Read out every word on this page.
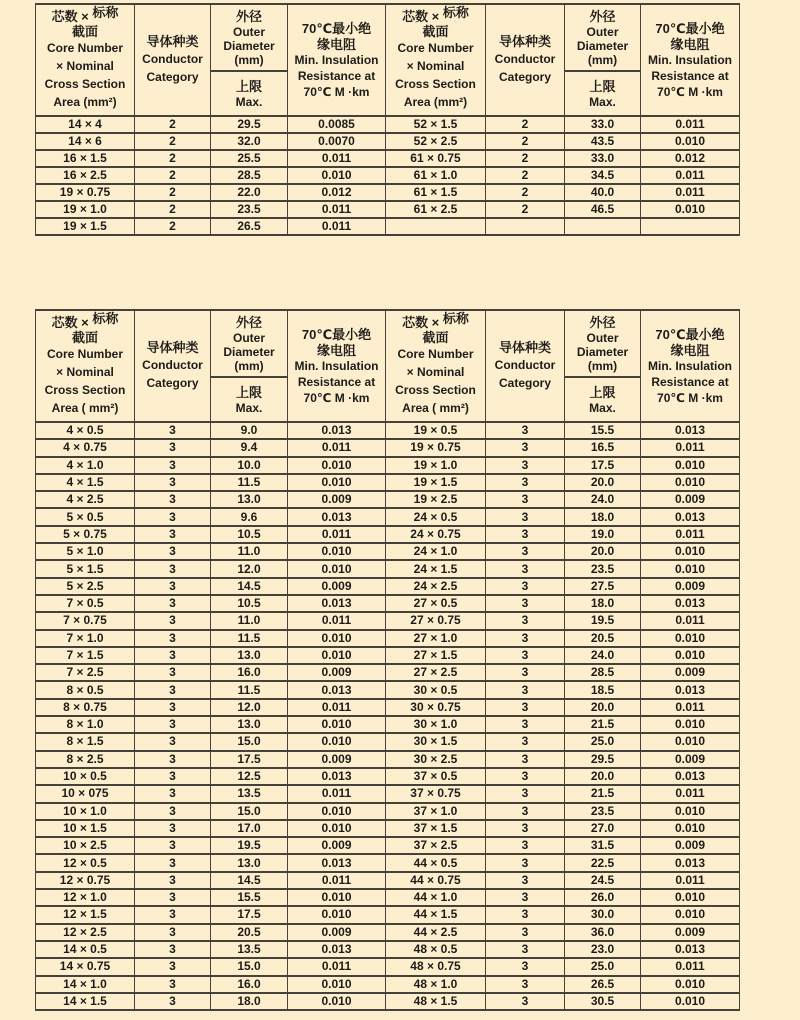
芯数 × 标称
截面
Core Number
× Nominal
Cross Section
Area (mm²)

导体种类
Conductor
Category

外径
Outer
Diameter
(mm)
上限
Max.

70℃最小绝
缘电阻
Min. Insulation
Resistance at
70℃ M ·km

芯数 × 标称
截面
Core Number
× Nominal
Cross Section
Area (mm²)

导体种类
Conductor
Category

外径
Outer
Diameter
(mm)
上限
Max.

70℃最小绝
缘电阻
Min. Insulation
Resistance at
70℃ M ·km

14 × 4	2	29.5	0.0085	52 × 1.5	2	33.0	0.011
14 × 6	2	32.0	0.0070	52 × 2.5	2	43.5	0.010
16 × 1.5	2	25.5	0.011	61 × 0.75	2	33.0	0.012
16 × 2.5	2	28.5	0.010	61 × 1.0	2	34.5	0.011
19 × 0.75	2	22.0	0.012	61 × 1.5	2	40.0	0.011
19 × 1.0	2	23.5	0.011	61 × 2.5	2	46.5	0.010
19 × 1.5	2	26.5	0.011				
芯数 × 标称
截面
Core Number
× Nominal
Cross Section
Area ( mm²)

导体种类
Conductor
Category

外径
Outer
Diameter
(mm)
上限
Max.

70℃最小绝
缘电阻
Min. Insulation
Resistance at
70℃ M ·km

芯数 × 标称
截面
Core Number
× Nominal
Cross Section
Area ( mm²)

导体种类
Conductor
Category

外径
Outer
Diameter
(mm)
上限
Max.

70℃最小绝
缘电阻
Min. Insulation
Resistance at
70℃ M ·km

4 × 0.5	3	9.0	0.013	19 × 0.5	3	15.5	0.013
4 × 0.75	3	9.4	0.011	19 × 0.75	3	16.5	0.011
4 × 1.0	3	10.0	0.010	19 × 1.0	3	17.5	0.010
4 × 1.5	3	11.5	0.010	19 × 1.5	3	20.0	0.010
4 × 2.5	3	13.0	0.009	19 × 2.5	3	24.0	0.009
5 × 0.5	3	9.6	0.013	24 × 0.5	3	18.0	0.013
5 × 0.75	3	10.5	0.011	24 × 0.75	3	19.0	0.011
5 × 1.0	3	11.0	0.010	24 × 1.0	3	20.0	0.010
5 × 1.5	3	12.0	0.010	24 × 1.5	3	23.5	0.010
5 × 2.5	3	14.5	0.009	24 × 2.5	3	27.5	0.009
7 × 0.5	3	10.5	0.013	27 × 0.5	3	18.0	0.013
7 × 0.75	3	11.0	0.011	27 × 0.75	3	19.5	0.011
7 × 1.0	3	11.5	0.010	27 × 1.0	3	20.5	0.010
7 × 1.5	3	13.0	0.010	27 × 1.5	3	24.0	0.010
7 × 2.5	3	16.0	0.009	27 × 2.5	3	28.5	0.009
8 × 0.5	3	11.5	0.013	30 × 0.5	3	18.5	0.013
8 × 0.75	3	12.0	0.011	30 × 0.75	3	20.0	0.011
8 × 1.0	3	13.0	0.010	30 × 1.0	3	21.5	0.010
8 × 1.5	3	15.0	0.010	30 × 1.5	3	25.0	0.010
8 × 2.5	3	17.5	0.009	30 × 2.5	3	29.5	0.009
10 × 0.5	3	12.5	0.013	37 × 0.5	3	20.0	0.013
10 × 075	3	13.5	0.011	37 × 0.75	3	21.5	0.011
10 × 1.0	3	15.0	0.010	37 × 1.0	3	23.5	0.010
10 × 1.5	3	17.0	0.010	37 × 1.5	3	27.0	0.010
10 × 2.5	3	19.5	0.009	37 × 2.5	3	31.5	0.009
12 × 0.5	3	13.0	0.013	44 × 0.5	3	22.5	0.013
12 × 0.75	3	14.5	0.011	44 × 0.75	3	24.5	0.011
12 × 1.0	3	15.5	0.010	44 × 1.0	3	26.0	0.010
12 × 1.5	3	17.5	0.010	44 × 1.5	3	30.0	0.010
12 × 2.5	3	20.5	0.009	44 × 2.5	3	36.0	0.009
14 × 0.5	3	13.5	0.013	48 × 0.5	3	23.0	0.013
14 × 0.75	3	15.0	0.011	48 × 0.75	3	25.0	0.011
14 × 1.0	3	16.0	0.010	48 × 1.0	3	26.5	0.010
14 × 1.5	3	18.0	0.010	48 × 1.5	3	30.5	0.010
